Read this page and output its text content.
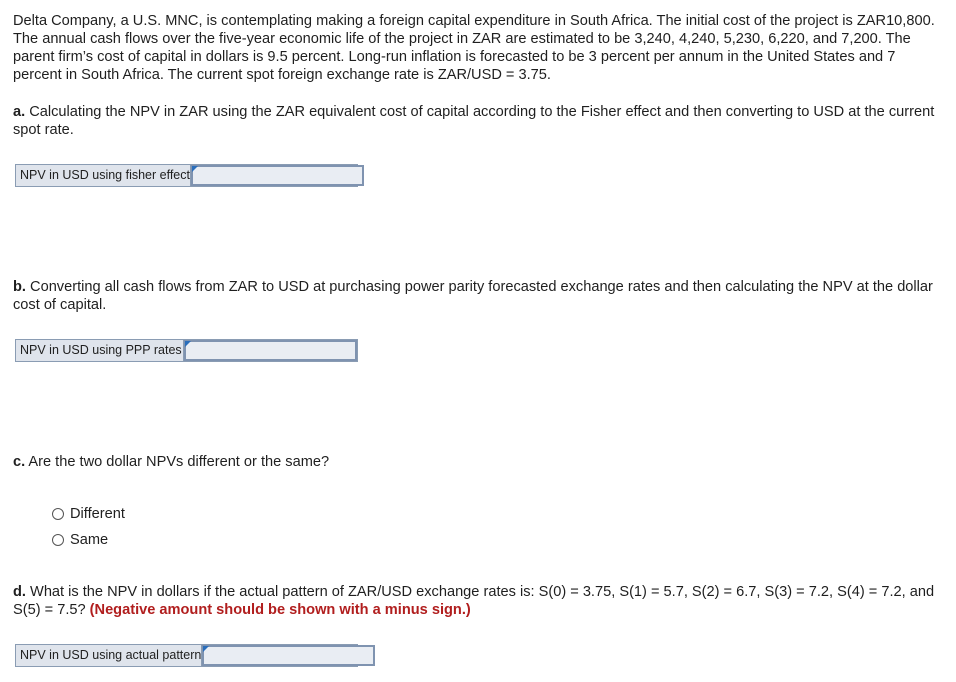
Delta Company, a U.S. MNC, is contemplating making a foreign capital expenditure in South Africa. The initial cost of the project is ZAR10,800. The annual cash flows over the five-year economic life of the project in ZAR are estimated to be 3,240, 4,240, 5,230, 6,220, and 7,200. The parent firm’s cost of capital in dollars is 9.5 percent. Long-run inflation is forecasted to be 3 percent per annum in the United States and 7 percent in South Africa. The current spot foreign exchange rate is ZAR/USD = 3.75.

a. Calculating the NPV in ZAR using the ZAR equivalent cost of capital according to the Fisher effect and then converting to USD at the current spot rate.

NPV in USD using fisher effect

b. Converting all cash flows from ZAR to USD at purchasing power parity forecasted exchange rates and then calculating the NPV at the dollar cost of capital.

NPV in USD using PPP rates

c. Are the two dollar NPVs different or the same?

Different
Same

d. What is the NPV in dollars if the actual pattern of ZAR/USD exchange rates is: S(0) = 3.75, S(1) = 5.7, S(2) = 6.7, S(3) = 7.2, S(4) = 7.2, and S(5) = 7.5? (Negative amount should be shown with a minus sign.)

NPV in USD using actual pattern
